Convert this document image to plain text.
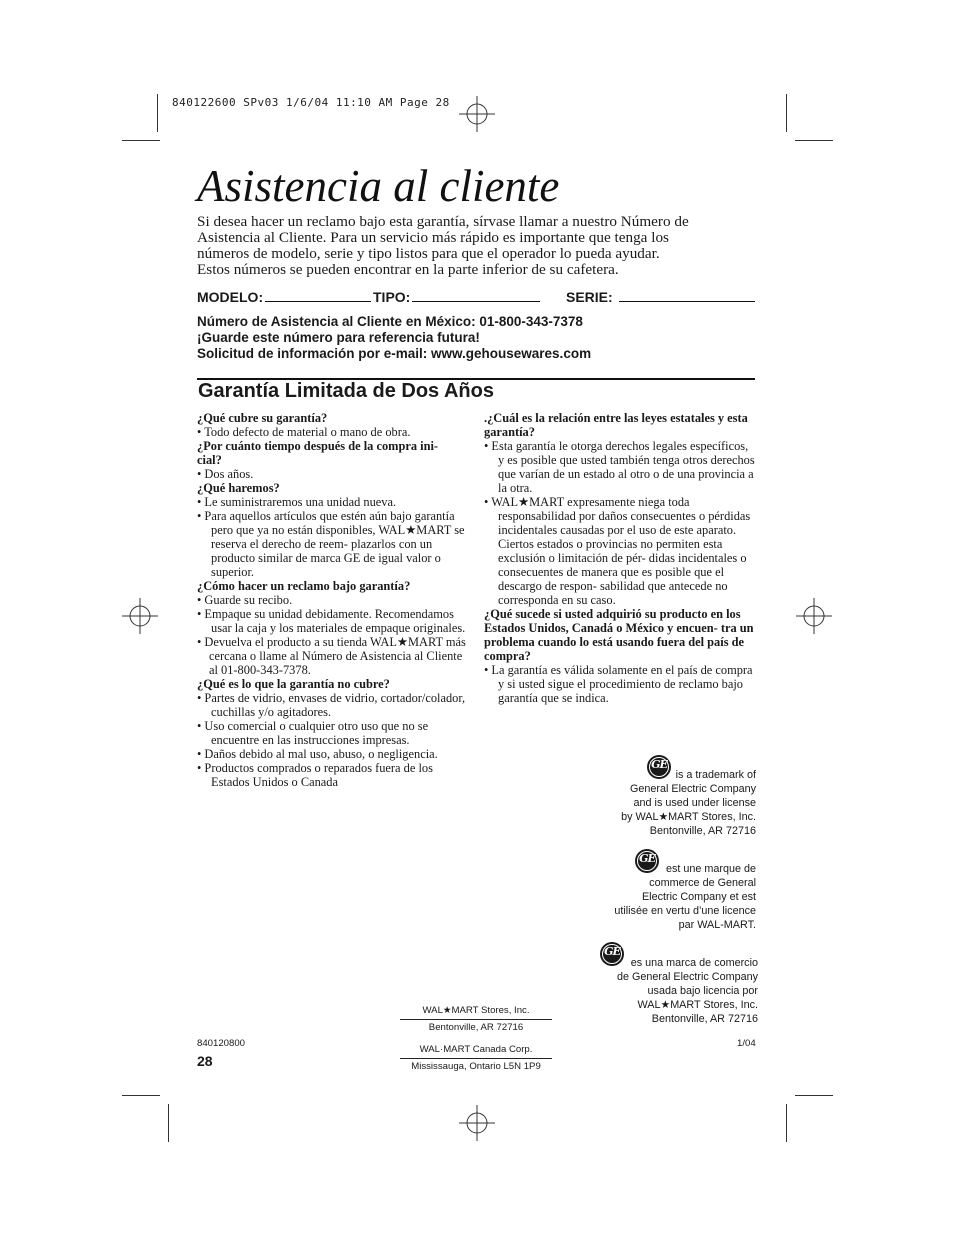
840122600 SPv03 1/6/04 11:10 AM Page 28
Asistencia al cliente

Si desea hacer un reclamo bajo esta garantía, sírvase llamar a nuestro Número de

Asistencia al Cliente. Para un servicio más rápido es importante que tenga los

números de modelo, serie y tipo listos para que el operador lo pueda ayudar.

Estos números se pueden encontrar en la parte inferior de su cafetera.

MODELO:	TIPO:	SERIE:
Número de Asistencia al Cliente en México: 01-800-343-7378
¡Guarde este número para referencia futura!
Solicitud de información por e-mail: www.gehousewares.com
Garantía Limitada de Dos Años
¿Qué cubre su garantía?
• Todo defecto de material o mano de obra.
¿Por cuánto tiempo después de la compra ini-
cial?
• Dos años.
¿Qué haremos?
• Le suministraremos una unidad nueva.
• Para aquellos artículos que estén aún bajo garantía pero que ya no están disponibles, WAL★MART se reserva el derecho de reem- plazarlos con un producto similar de marca GE de igual valor o superior.
¿Cómo hacer un reclamo bajo garantía?
• Guarde su recibo.
• Empaque su unidad debidamente. Recomendamos usar la caja y los materiales de empaque originales.
• Devuelva el producto a su tienda WAL★MART más cercana o llame al Número de Asistencia al Cliente al 01-800-343-7378.
¿Qué es lo que la garantía no cubre?
• Partes de vidrio, envases de vidrio, cortador/colador, cuchillas y/o agitadores.
• Uso comercial o cualquier otro uso que no se encuentre en las instrucciones impresas.
• Daños debido al mal uso, abuso, o negligencia.
• Productos comprados o reparados fuera de los Estados Unidos o Canada
.¿Cuál es la relación entre las leyes estatales y esta garantía?
• Esta garantía le otorga derechos legales específicos, y es posible que usted también tenga otros derechos que varían de un estado al otro o de una provincia a la otra.
• WAL★MART expresamente niega toda responsabilidad por daños consecuentes o pérdidas incidentales causadas por el uso de este aparato. Ciertos estados o provincias no permiten esta exclusión o limitación de pér- didas incidentales o consecuentes de manera que es posible que el descargo de respon- sabilidad que antecede no corresponda en su caso.
¿Qué sucede si usted adquirió su producto en los Estados Unidos, Canadá o México y encuen- tra un problema cuando lo está usando fuera del país de compra?
• La garantía es válida solamente en el país de compra y si usted sigue el procedimiento de reclamo bajo garantía que se indica.
GE
is a trademark of
General Electric Company
and is used under license
by WAL★MART Stores, Inc.
Bentonville, AR 72716
GE
est une marque de
commerce de General
Electric Company et est
utilisée en vertu d’une licence
par WAL-MART.
GE
es una marca de comercio
de General Electric Company
usada bajo licencia por
WAL★MART Stores, Inc.
Bentonville, AR 72716
WAL★MART Stores, Inc.
Bentonville, AR 72716
WAL·MART Canada Corp.
Mississauga, Ontario L5N 1P9
840120800
28
1/04
